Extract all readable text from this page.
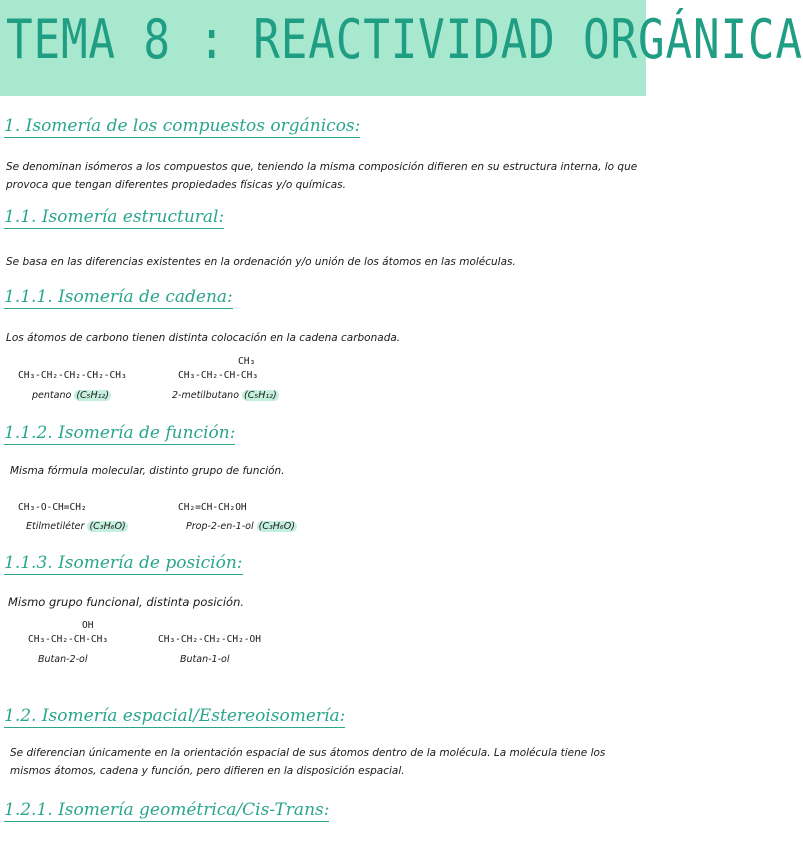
TEMA 8 : REACTIVIDAD ORGÁNICA
1. Isomería de los compuestos orgánicos:
Se denominan isómeros a los compuestos que, teniendo la misma composición difieren en su estructura interna, lo que provoca que tengan diferentes propiedades físicas y/o químicas.
1.1. Isomería estructural:
Se basa en las diferencias existentes en la ordenación y/o unión de los átomos en las moléculas.
1.1.1. Isomería de cadena:
Los átomos de carbono tienen distinta colocación en la cadena carbonada.
CH₃-CH₂-CH₂-CH₂-CH₃
pentano (C₅H₁₂)
CH₃
CH₃-CH₂-CH-CH₃
2-metilbutano (C₅H₁₂)
1.1.2. Isomería de función:
Misma fórmula molecular, distinto grupo de función.
CH₃-O-CH=CH₂
Etilmetiléter (C₃H₆O)
CH₂=CH-CH₂OH
Prop-2-en-1-ol (C₃H₆O)
1.1.3. Isomería de posición:
Mismo grupo funcional, distinta posición.
OH
CH₃-CH₂-CH-CH₃
Butan-2-ol
CH₃-CH₂-CH₂-CH₂-OH
Butan-1-ol
1.2. Isomería espacial/Estereoisomería:
Se diferencian únicamente en la orientación espacial de sus átomos dentro de la molécula. La molécula tiene los mismos átomos, cadena y función, pero difieren en la disposición espacial.
1.2.1. Isomería geométrica/Cis-Trans:
